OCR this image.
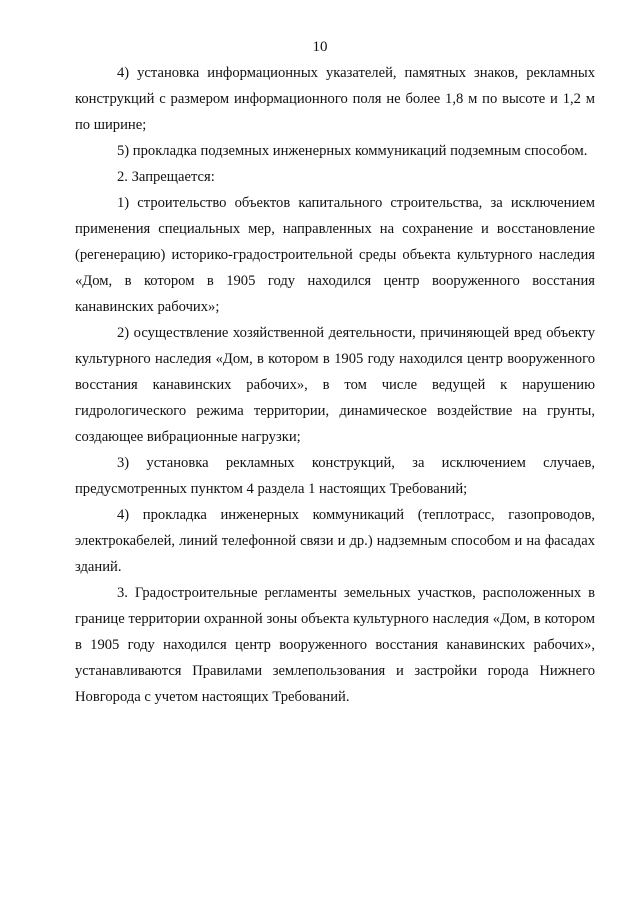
10

4) установка информационных указателей, памятных знаков, рекламных конструкций с размером информационного поля не более 1,8 м по высоте и 1,2 м по ширине;

5) прокладка подземных инженерных коммуникаций подземным способом.

2. Запрещается:

1) строительство объектов капитального строительства, за исключением применения специальных мер, направленных на сохранение и восстановление (регенерацию) историко-градостроительной среды объекта культурного наследия «Дом, в котором в 1905 году находился центр вооруженного восстания канавинских рабочих»;

2) осуществление хозяйственной деятельности, причиняющей вред объекту культурного наследия «Дом, в котором в 1905 году находился центр вооруженного восстания канавинских рабочих», в том числе ведущей к нарушению гидрологического режима территории, динамическое воздействие на грунты, создающее вибрационные нагрузки;

3) установка рекламных конструкций, за исключением случаев, предусмотренных пунктом 4 раздела 1 настоящих Требований;

4) прокладка инженерных коммуникаций (теплотрасс, газопроводов, электрокабелей, линий телефонной связи и др.) надземным способом и на фасадах зданий.

3. Градостроительные регламенты земельных участков, расположенных в границе территории охранной зоны объекта культурного наследия «Дом, в котором в 1905 году находился центр вооруженного восстания канавинских рабочих», устанавливаются Правилами землепользования и застройки города Нижнего Новгорода с учетом настоящих Требований.
